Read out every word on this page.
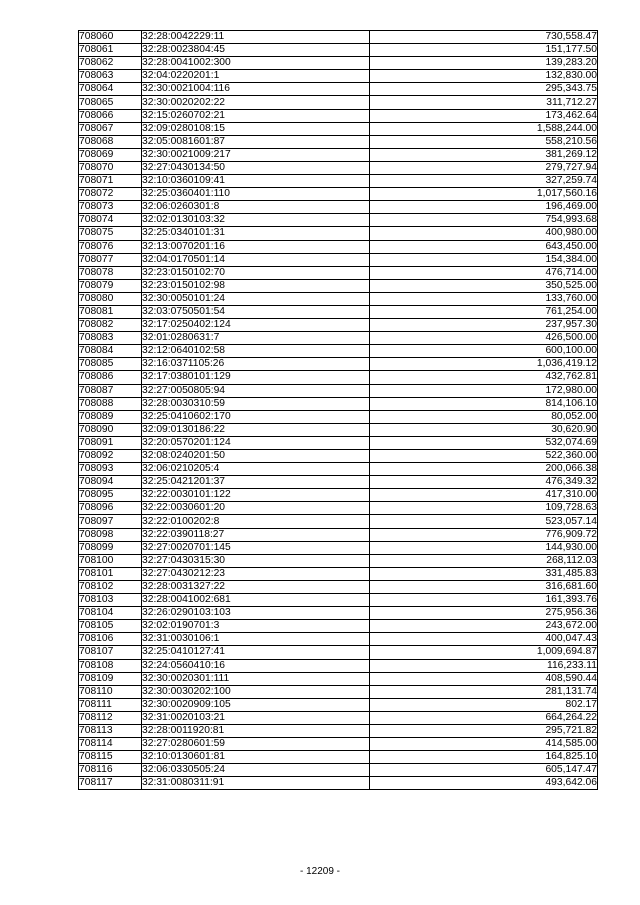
708060	32:28:0042229:11	730,558.47
708061	32:28:0023804:45	151,177.50
708062	32:28:0041002:300	139,283.20
708063	32:04:0220201:1	132,830.00
708064	32:30:0021004:116	295,343.75
708065	32:30:0020202:22	311,712.27
708066	32:15:0260702:21	173,462.64
708067	32:09:0280108:15	1,588,244.00
708068	32:05:0081601:87	558,210.56
708069	32:30:0021009:217	381,269.12
708070	32:27:0430134:50	279,727.94
708071	32:10:0360109:41	327,259.74
708072	32:25:0360401:110	1,017,560.16
708073	32:06:0260301:8	196,469.00
708074	32:02:0130103:32	754,993.68
708075	32:25:0340101:31	400,980.00
708076	32:13:0070201:16	643,450.00
708077	32:04:0170501:14	154,384.00
708078	32:23:0150102:70	476,714.00
708079	32:23:0150102:98	350,525.00
708080	32:30:0050101:24	133,760.00
708081	32:03:0750501:54	761,254.00
708082	32:17:0250402:124	237,957.30
708083	32:01:0280631:7	426,500.00
708084	32:12:0640102:58	600,100.00
708085	32:16:0371105:26	1,036,419.12
708086	32:17:0380101:129	432,762.81
708087	32:27:0050805:94	172,980.00
708088	32:28:0030310:59	814,106.10
708089	32:25:0410602:170	80,052.00
708090	32:09:0130186:22	30,620.90
708091	32:20:0570201:124	532,074.69
708092	32:08:0240201:50	522,360.00
708093	32:06:0210205:4	200,066.38
708094	32:25:0421201:37	476,349.32
708095	32:22:0030101:122	417,310.00
708096	32:22:0030601:20	109,728.63
708097	32:22:0100202:8	523,057.14
708098	32:22:0390118:27	776,909.72
708099	32:27:0020701:145	144,930.00
708100	32:27:0430315:30	268,112.03
708101	32:27:0430212:23	331,485.83
708102	32:28:0031327:22	316,681.60
708103	32:28:0041002:681	161,393.76
708104	32:26:0290103:103	275,956.36
708105	32:02:0190701:3	243,672.00
708106	32:31:0030106:1	400,047.43
708107	32:25:0410127:41	1,009,694.87
708108	32:24:0560410:16	116,233.11
708109	32:30:0020301:111	408,590.44
708110	32:30:0030202:100	281,131.74
708111	32:30:0020909:105	802.17
708112	32:31:0020103:21	664,264.22
708113	32:28:0011920:81	295,721.82
708114	32:27:0280601:59	414,585.00
708115	32:10:0130601:81	164,825.10
708116	32:06:0330505:24	605,147.47
708117	32:31:0080311:91	493,642.06
- 12209 -
